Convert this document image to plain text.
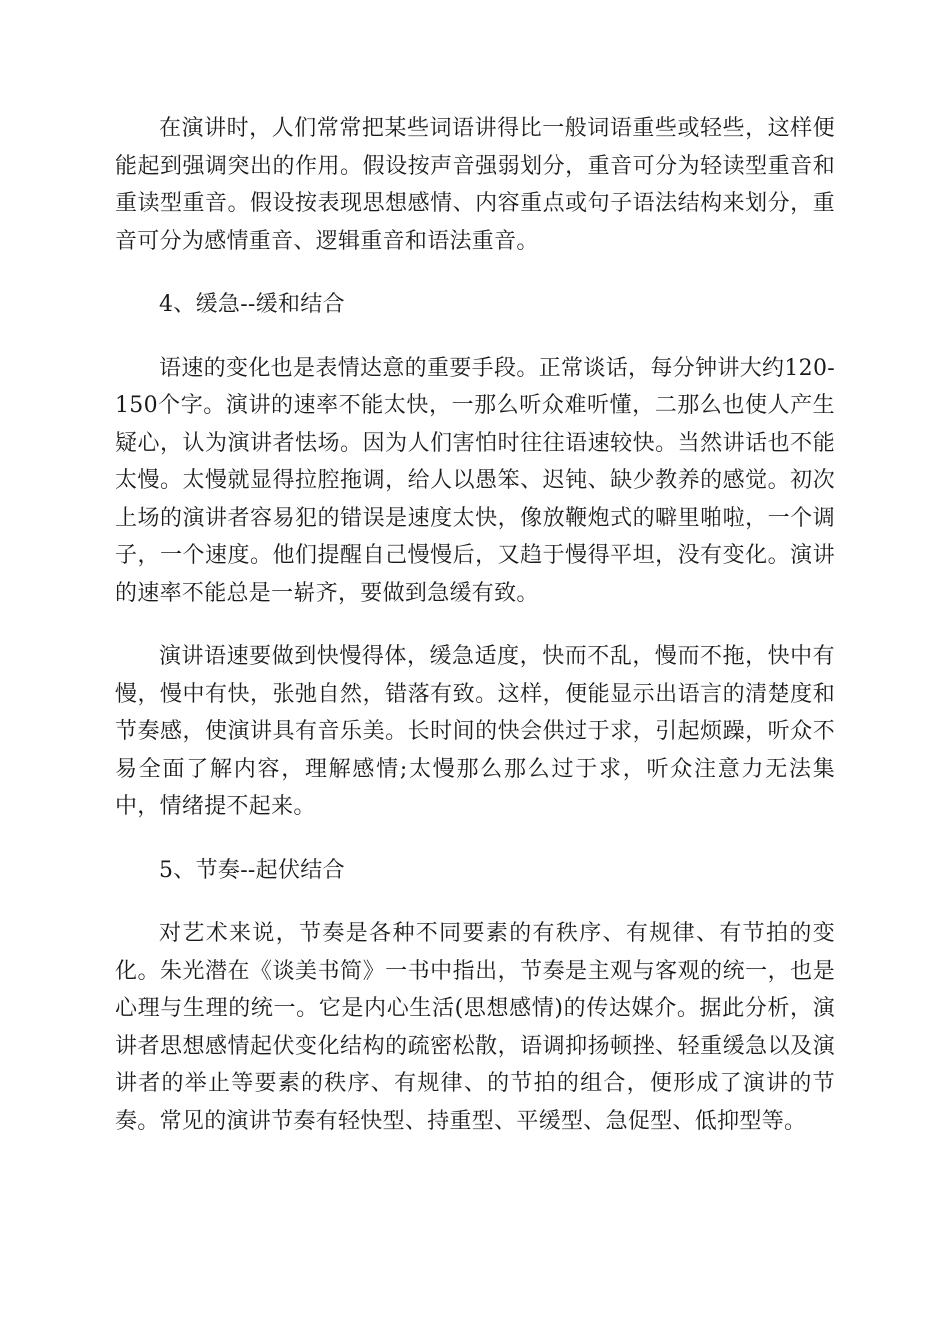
在演讲时，人们常常把某些词语讲得比一般词语重些或轻些，这样便能起到强调突出的作用。假设按声音强弱划分，重音可分为轻读型重音和重读型重音。假设按表现思想感情、内容重点或句子语法结构来划分，重音可分为感情重音、逻辑重音和语法重音。

4、缓急--缓和结合

语速的变化也是表情达意的重要手段。正常谈话，每分钟讲大约120-150个字。演讲的速率不能太快，一那么听众难听懂，二那么也使人产生疑心，认为演讲者怯场。因为人们害怕时往往语速较快。当然讲话也不能太慢。太慢就显得拉腔拖调，给人以愚笨、迟钝、缺少教养的感觉。初次上场的演讲者容易犯的错误是速度太快，像放鞭炮式的噼里啪啦，一个调子，一个速度。他们提醒自己慢慢后，又趋于慢得平坦，没有变化。演讲的速率不能总是一崭齐，要做到急缓有致。

演讲语速要做到快慢得体，缓急适度，快而不乱，慢而不拖，快中有慢，慢中有快，张弛自然，错落有致。这样，便能显示出语言的清楚度和节奏感，使演讲具有音乐美。长时间的快会供过于求，引起烦躁，听众不易全面了解内容，理解感情;太慢那么那么过于求，听众注意力无法集中，情绪提不起来。

5、节奏--起伏结合

对艺术来说，节奏是各种不同要素的有秩序、有规律、有节拍的变化。朱光潜在《谈美书简》一书中指出，节奏是主观与客观的统一，也是心理与生理的统一。它是内心生活(思想感情)的传达媒介。据此分析，演讲者思想感情起伏变化结构的疏密松散，语调抑扬顿挫、轻重缓急以及演讲者的举止等要素的秩序、有规律、的节拍的组合，便形成了演讲的节奏。常见的演讲节奏有轻快型、持重型、平缓型、急促型、低抑型等。
